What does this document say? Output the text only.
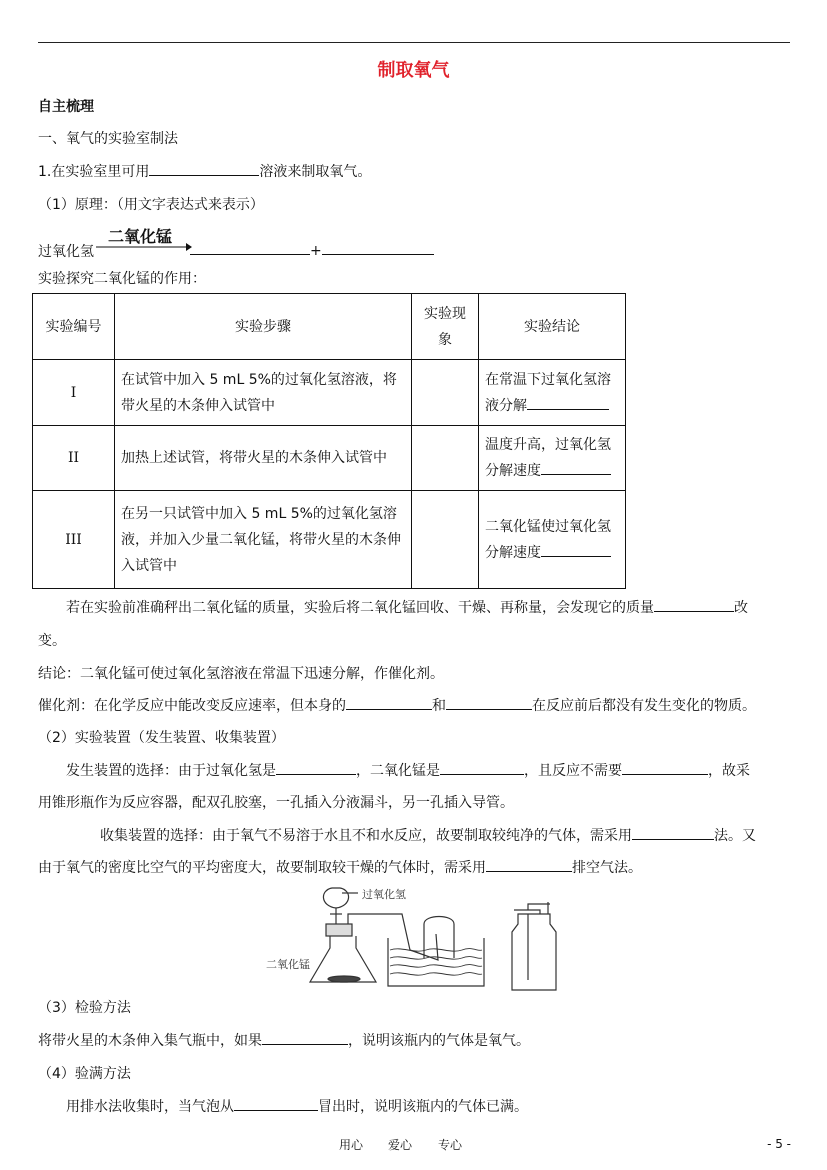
制取氧气
自主梳理
一、氧气的实验室制法
1.在实验室里可用	溶液来制取氧气。
（1）原理：（用文字表达式来表示）
过氧化氢
二氧化锰
+
实验探究二氧化锰的作用：
实验编号	实验步骤	实验现象	实验结论
I	在试管中加入 5 mL 5%的过氧化氢溶液，将带火星的木条伸入试管中		在常温下过氧化氢溶液分解
II	加热上述试管，将带火星的木条伸入试管中		温度升高，过氧化氢分解速度
III	在另一只试管中加入 5 mL 5%的过氧化氢溶液，并加入少量二氧化锰，将带火星的木条伸入试管中		二氧化锰使过氧化氢分解速度
若在实验前准确秤出二氧化锰的质量，实验后将二氧化锰回收、干燥、再称量，会发现它的质量	改
变。
结论：二氧化锰可使过氧化氢溶液在常温下迅速分解，作催化剂。
催化剂：在化学反应中能改变反应速率，但本身的	和	在反应前后都没有发生变化的物质。
（2）实验装置（发生装置、收集装置）
发生装置的选择：由于过氧化氢是	，二氧化锰是	，且反应不需要	，故采
用锥形瓶作为反应容器，配双孔胶塞，一孔插入分液漏斗，另一孔插入导管。
收集装置的选择：由于氧气不易溶于水且不和水反应，故要制取较纯净的气体，需采用	法。又
由于氧气的密度比空气的平均密度大，故要制取较干燥的气体时，需采用	排空气法。
过氧化氢
二氧化锰
（3）检验方法
将带火星的木条伸入集气瓶中，如果	，说明该瓶内的气体是氧气。
（4）验满方法
用排水法收集时，当气泡从	冒出时，说明该瓶内的气体已满。
用心 爱心 专心	- 5 -
